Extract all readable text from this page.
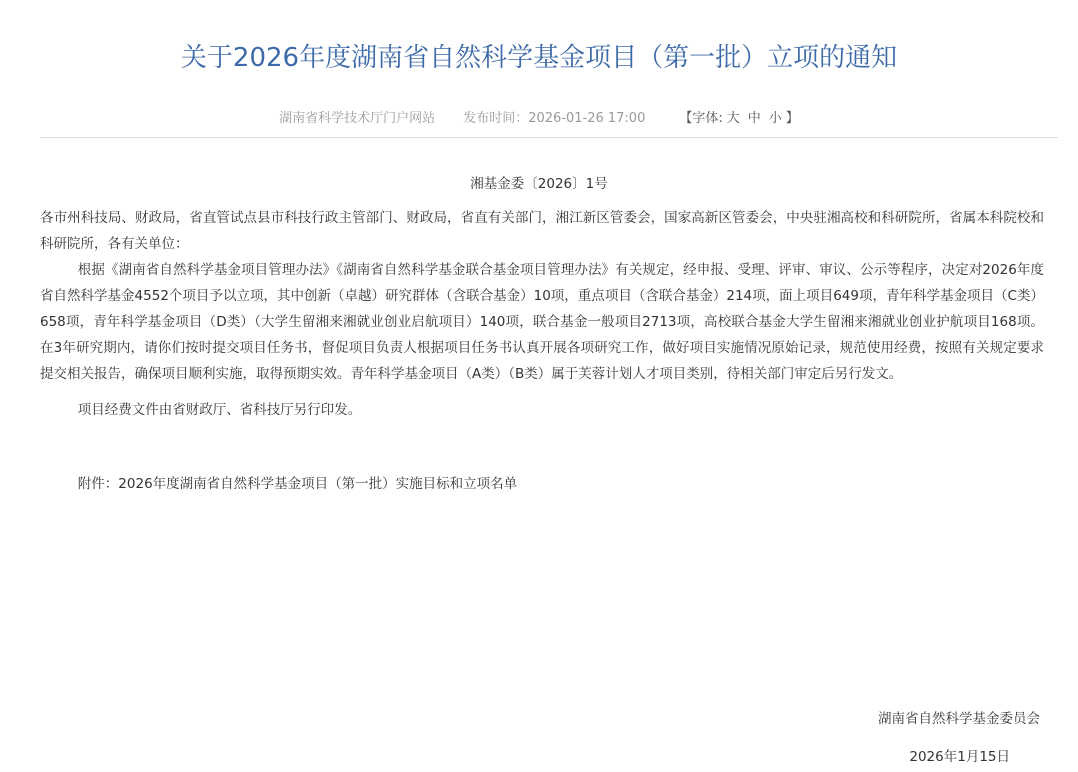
关于2026年度湖南省自然科学基金项目（第一批）立项的通知
湖南省科学技术厅门户网站 发布时间：2026-01-26 17:00	【字体: 大 中 小 】
湘基金委〔2026〕1号

各市州科技局、财政局，省直管试点县市科技行政主管部门、财政局，省直有关部门，湘江新区管委会，国家高新区管委会，中央驻湘高校和科研院所，省属本科院校和科研院所，各有关单位：

根据《湖南省自然科学基金项目管理办法》《湖南省自然科学基金联合基金项目管理办法》有关规定，经申报、受理、评审、审议、公示等程序，决定对2026年度省自然科学基金4552个项目予以立项，其中创新（卓越）研究群体（含联合基金）10项，重点项目（含联合基金）214项，面上项目649项，青年科学基金项目（C类）658项，青年科学基金项目（D类）（大学生留湘来湘就业创业启航项目）140项，联合基金一般项目2713项，高校联合基金大学生留湘来湘就业创业护航项目168项。在3年研究期内，请你们按时提交项目任务书，督促项目负责人根据项目任务书认真开展各项研究工作，做好项目实施情况原始记录，规范使用经费，按照有关规定要求提交相关报告，确保项目顺利实施，取得预期实效。青年科学基金项目（A类）（B类）属于芙蓉计划人才项目类别，待相关部门审定后另行发文。

项目经费文件由省财政厅、省科技厅另行印发。

附件：2026年度湖南省自然科学基金项目（第一批）实施目标和立项名单

湖南省自然科学基金委员会
2026年1月15日
